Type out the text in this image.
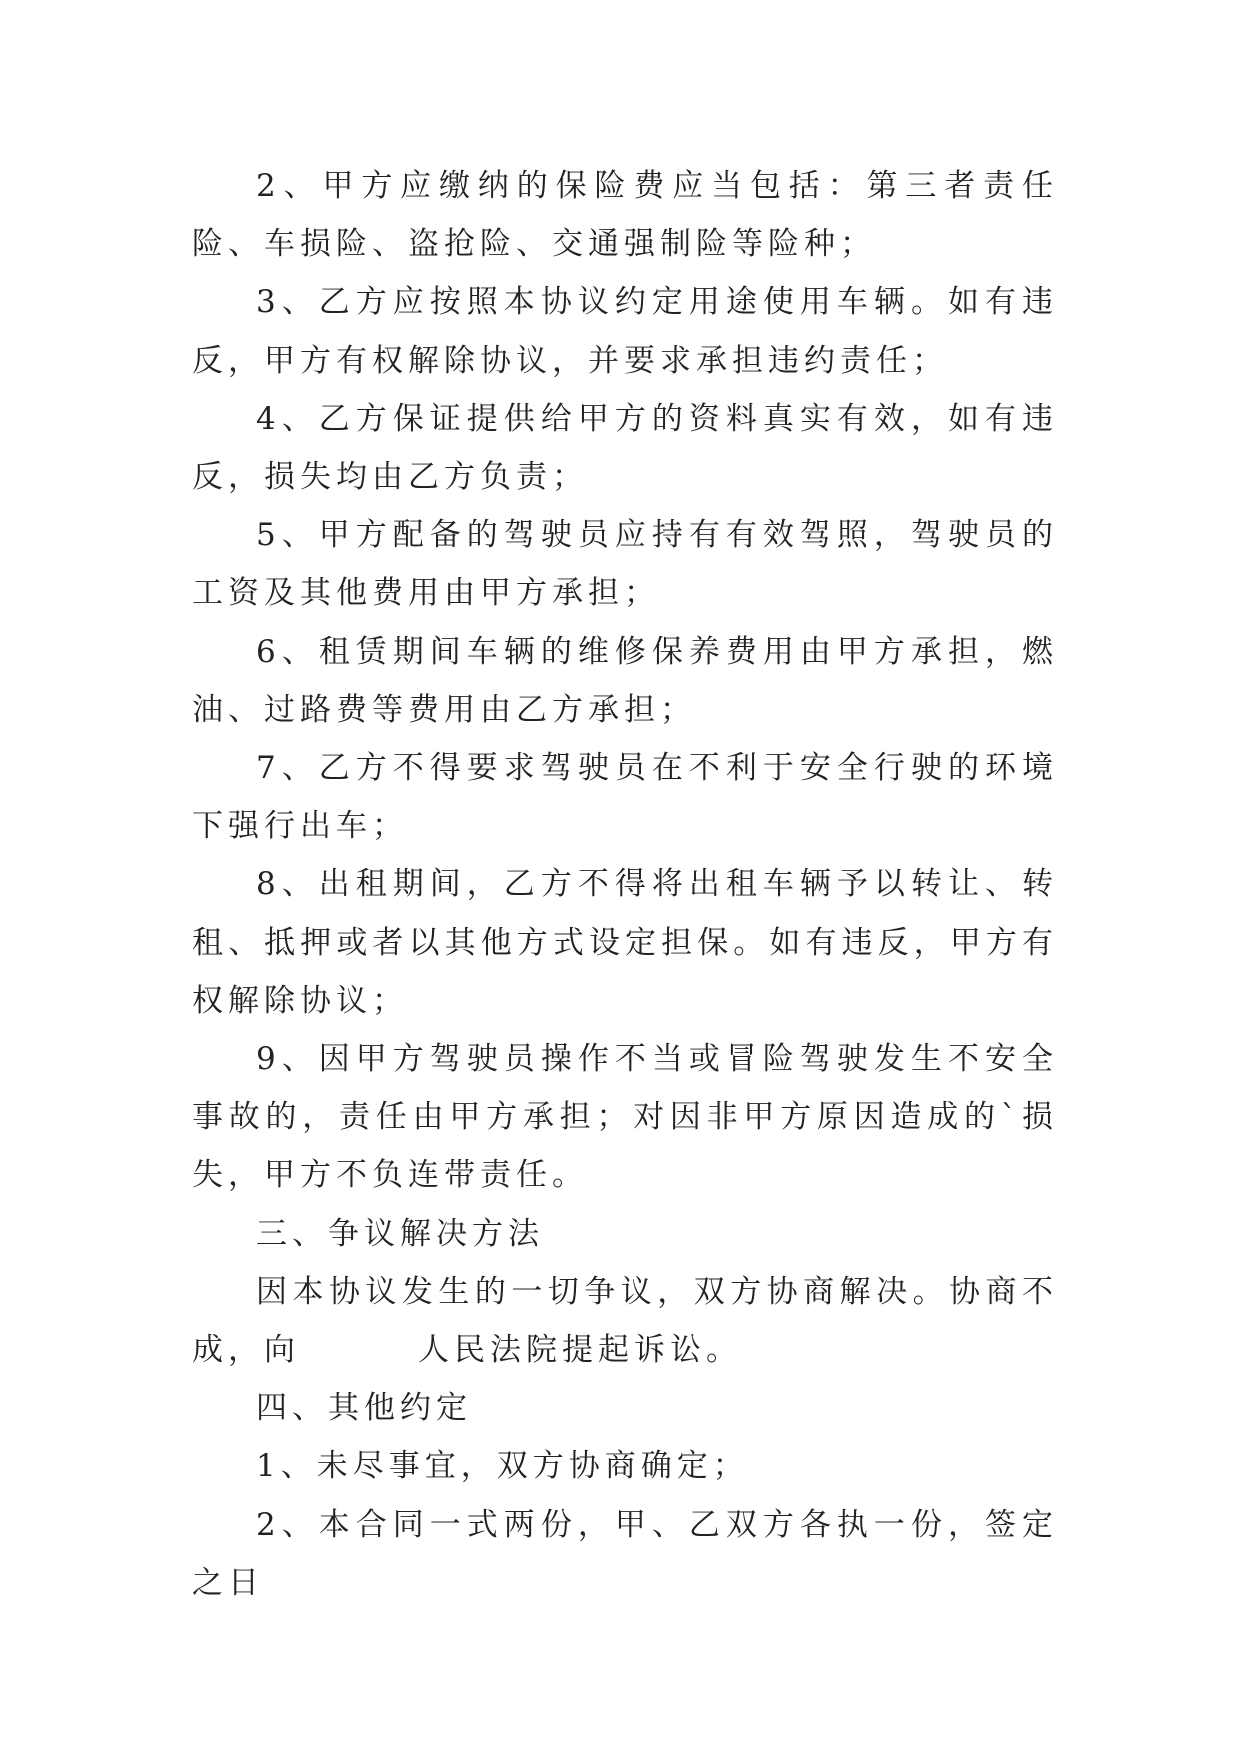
2、甲方应缴纳的保险费应当包括：第三者责任险、车损险、盗抢险、交通强制险等险种；

3、乙方应按照本协议约定用途使用车辆。如有违反，甲方有权解除协议，并要求承担违约责任；

4、乙方保证提供给甲方的资料真实有效，如有违反，损失均由乙方负责；

5、甲方配备的驾驶员应持有有效驾照，驾驶员的工资及其他费用由甲方承担；

6、租赁期间车辆的维修保养费用由甲方承担，燃油、过路费等费用由乙方承担；

7、乙方不得要求驾驶员在不利于安全行驶的环境下强行出车；

8、出租期间，乙方不得将出租车辆予以转让、转租、抵押或者以其他方式设定担保。如有违反，甲方有权解除协议；

9、因甲方驾驶员操作不当或冒险驾驶发生不安全事故的，责任由甲方承担；对因非甲方原因造成的`损失，甲方不负连带责任。

三、争议解决方法

因本协议发生的一切争议，双方协商解决。协商不成，向	人民法院提起诉讼。

四、其他约定

1、未尽事宜，双方协商确定；

2、本合同一式两份，甲、乙双方各执一份，签定之日
